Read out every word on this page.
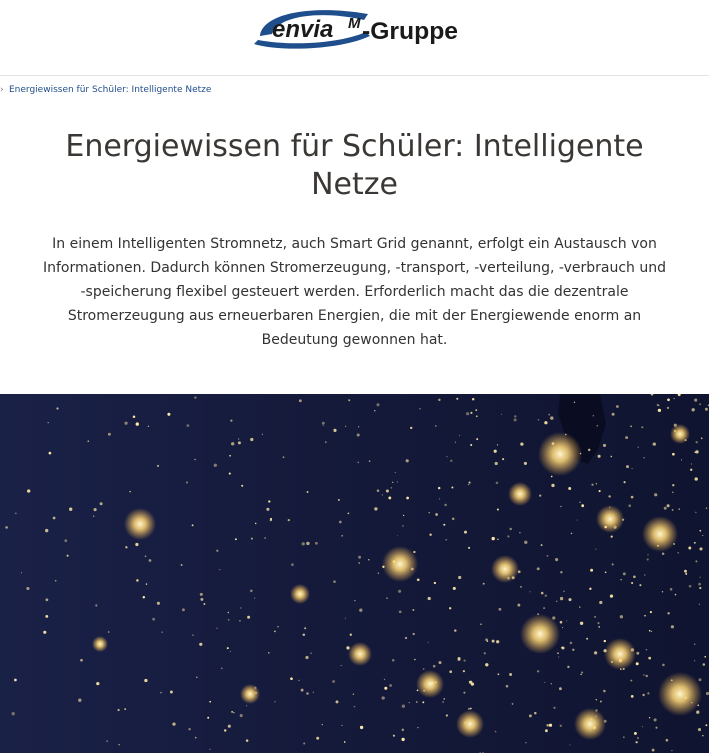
envia M -Gruppe
› Energiewissen für Schüler: Intelligente Netze
Energiewissen für Schüler: Intelligente Netze

In einem Intelligenten Stromnetz, auch Smart Grid genannt, erfolgt ein Austausch von Informationen. Dadurch können Stromerzeugung, -transport, -verteilung, -verbrauch und -speicherung flexibel gesteuert werden. Erforderlich macht das die dezentrale Stromerzeugung aus erneuerbaren Energien, die mit der Energiewende enorm an Bedeutung gewonnen hat.
